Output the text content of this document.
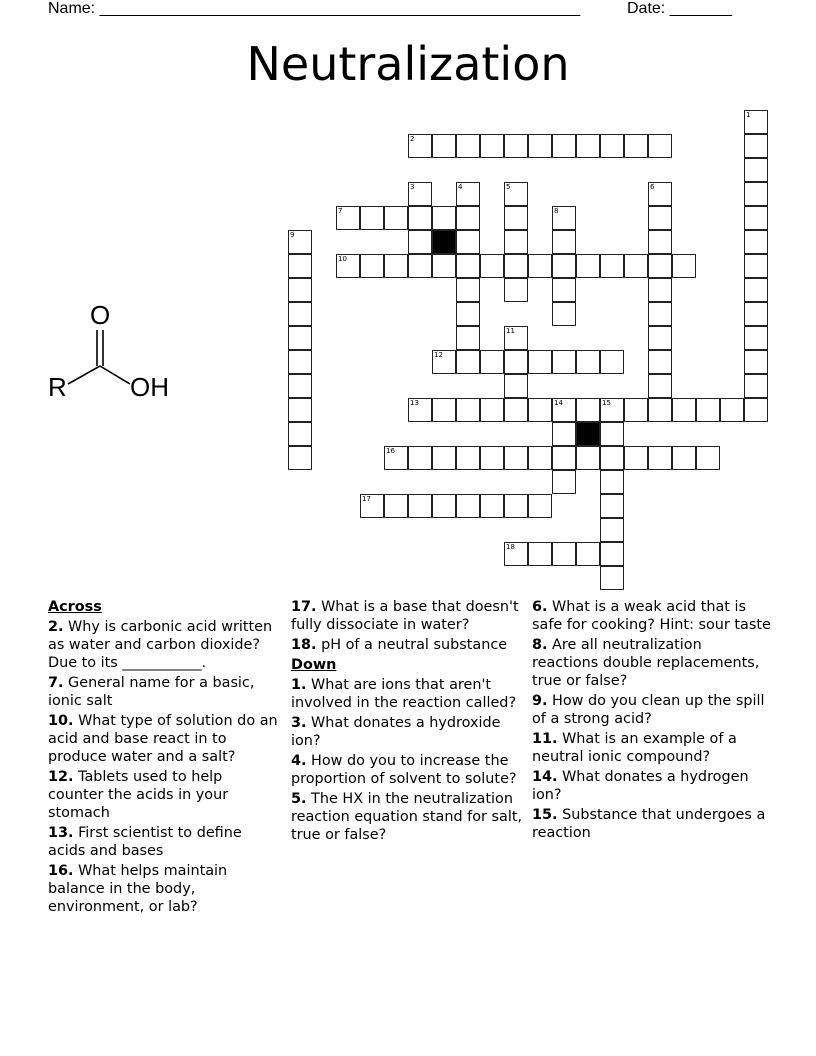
Name: ______________________________________________________	Date: _______
Neutralization
O
R OH
1
2
3	4	5	6
7	8
9
10
11
12
13	14	15
16
17
18
Across
2. Why is carbonic acid written as water and carbon dioxide? Due to its ___________.
7. General name for a basic, ionic salt
10. What type of solution do an acid and base react in to produce water and a salt?
12. Tablets used to help counter the acids in your stomach
13. First scientist to define acids and bases
16. What helps maintain balance in the body, environment, or lab?
17. What is a base that doesn't fully dissociate in water?
18. pH of a neutral substance
Down
1. What are ions that aren't involved in the reaction called?
3. What donates a hydroxide ion?
4. How do you to increase the proportion of solvent to solute?
5. The HX in the neutralization reaction equation stand for salt, true or false?
6. What is a weak acid that is safe for cooking? Hint: sour taste
8. Are all neutralization reactions double replacements, true or false?
9. How do you clean up the spill of a strong acid?
11. What is an example of a neutral ionic compound?
14. What donates a hydrogen ion?
15. Substance that undergoes a reaction
